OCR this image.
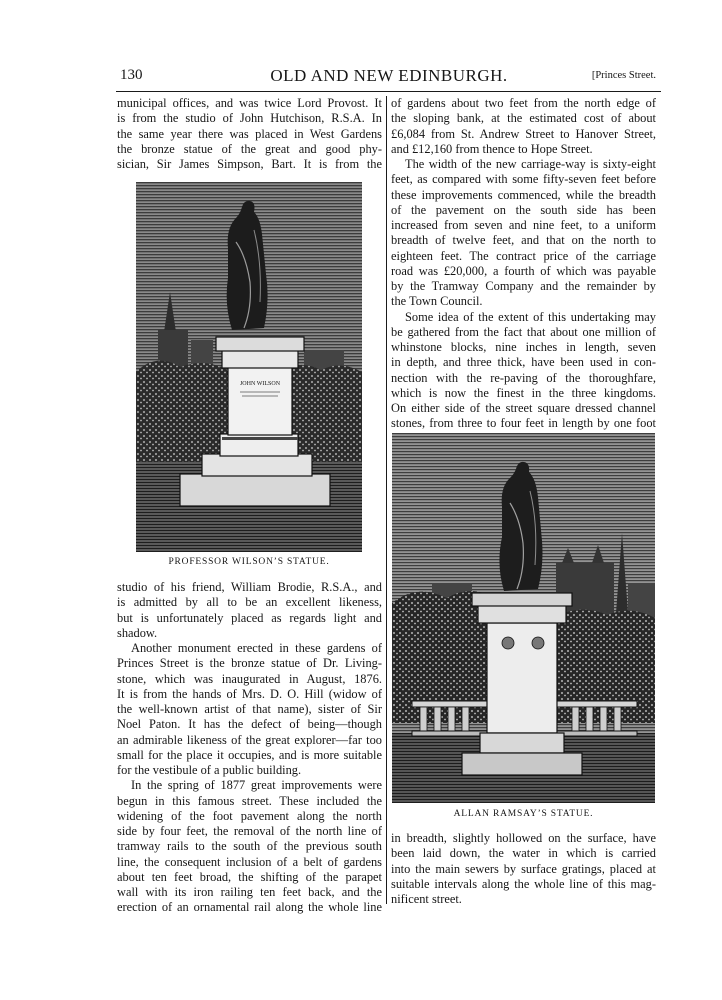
130	OLD AND NEW EDINBURGH.	[Princes Street.

municipal offices, and was twice Lord Provost. It

is from the studio of John Hutchison, R.S.A. In

the same year there was placed in West Gardens

the bronze statue of the great and good phy-

sician, Sir James Simpson, Bart. It is from the

JOHN WILSON
PROFESSOR WILSON’S STATUE.

studio of his friend, William Brodie, R.S.A., and

is admitted by all to be an excellent likeness,

but is unfortunately placed as regards light and

shadow.

Another monument erected in these gardens of

Princes Street is the bronze statue of Dr. Living-

stone, which was inaugurated in August, 1876.

It is from the hands of Mrs. D. O. Hill (widow of

the well-known artist of that name), sister of Sir

Noel Paton. It has the defect of being—though

an admirable likeness of the great explorer—far too

small for the place it occupies, and is more suitable

for the vestibule of a public building.

In the spring of 1877 great improvements were

begun in this famous street. These included the

widening of the foot pavement along the north

side by four feet, the removal of the north line of

tramway rails to the south of the previous south

line, the consequent inclusion of a belt of gardens

about ten feet broad, the shifting of the parapet

wall with its iron railing ten feet back, and the

erection of an ornamental rail along the whole line

of gardens about two feet from the north edge of

the sloping bank, at the estimated cost of about

£6,084 from St. Andrew Street to Hanover Street,

and £12,160 from thence to Hope Street.

The width of the new carriage-way is sixty-eight

feet, as compared with some fifty-seven feet before

these improvements commenced, while the breadth

of the pavement on the south side has been

increased from seven and nine feet, to a uniform

breadth of twelve feet, and that on the north to

eighteen feet. The contract price of the carriage

road was £20,000, a fourth of which was payable

by the Tramway Company and the remainder by

the Town Council.

Some idea of the extent of this undertaking may

be gathered from the fact that about one million of

whinstone blocks, nine inches in length, seven

in depth, and three thick, have been used in con-

nection with the re-paving of the thoroughfare,

which is now the finest in the three kingdoms.

On either side of the street square dressed channel

stones, from three to four feet in length by one foot

ALLAN RAMSAY’S STATUE.

in breadth, slightly hollowed on the surface, have

been laid down, the water in which is carried

into the main sewers by surface gratings, placed at

suitable intervals along the whole line of this mag-

nificent street.
